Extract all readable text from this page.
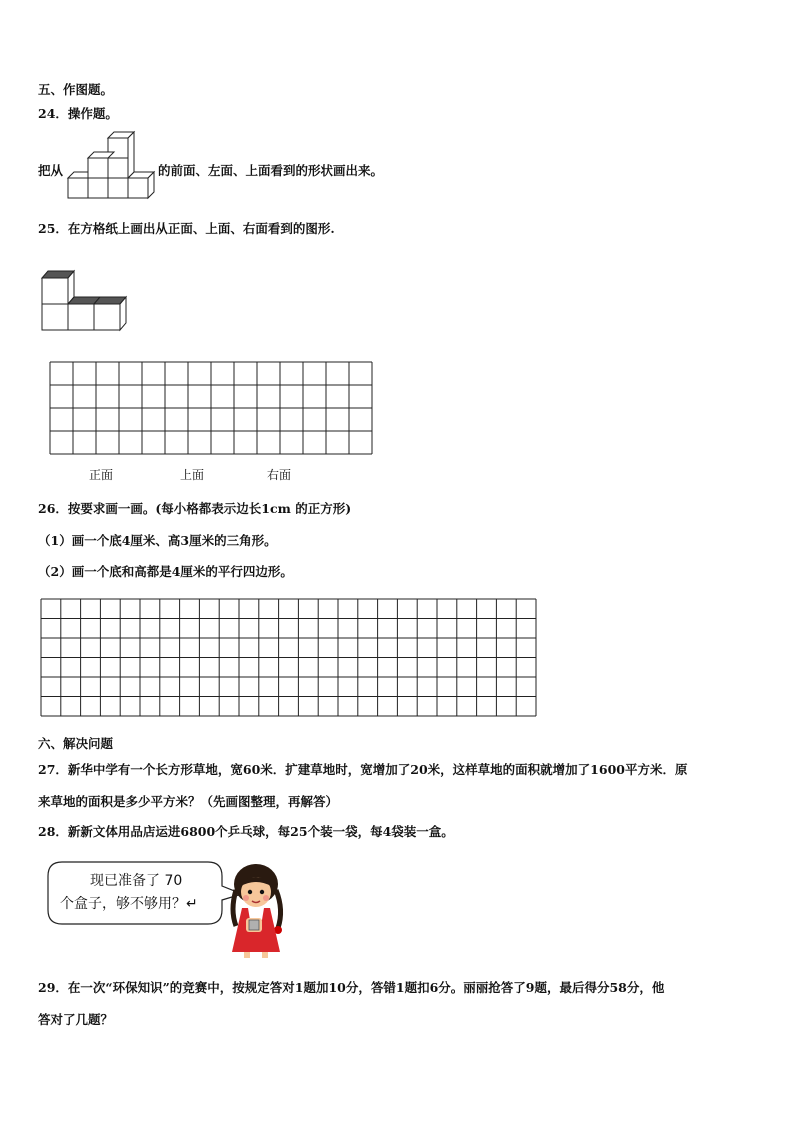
五、作图题。
24．操作题。
把从	的前面、左面、上面看到的形状画出来。
25．在方格纸上画出从正面、上面、右面看到的图形.
正面	上面	右面
26．按要求画一画。(每小格都表示边长1cm 的正方形)
（1）画一个底4厘米、高3厘米的三角形。
（2）画一个底和高都是4厘米的平行四边形。
六、解决问题
27．新华中学有一个长方形草地，宽60米．扩建草地时，宽增加了20米，这样草地的面积就增加了1600平方米．原
来草地的面积是多少平方米？（先画图整理，再解答）
28．新新文体用品店运进6800个乒乓球，每25个装一袋，每4袋装一盒。
现已准备了 70
个盒子，够不够用？↵
29．在一次“环保知识”的竞赛中，按规定答对1题加10分，答错1题扣6分。丽丽抢答了9题，最后得分58分，他
答对了几题？
